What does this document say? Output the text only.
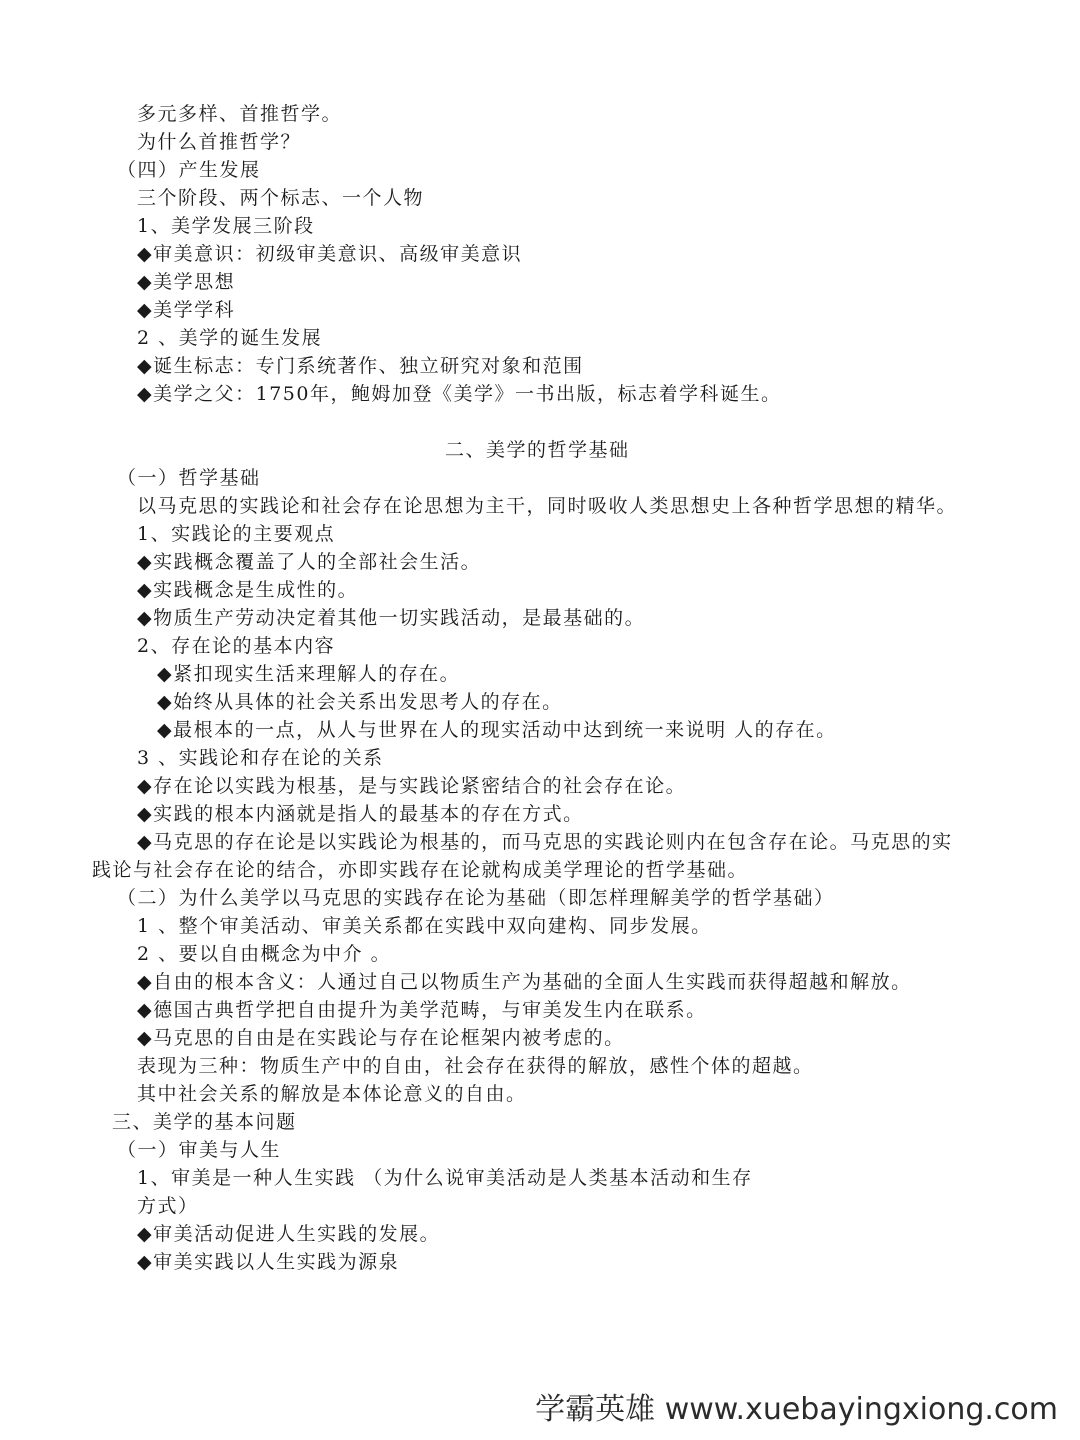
多元多样、首推哲学。
为什么首推哲学？
（四）产生发展
三个阶段、两个标志、一个人物
1、美学发展三阶段
◆审美意识：初级审美意识、高级审美意识
◆美学思想
◆美学学科
2 、美学的诞生发展
◆诞生标志：专门系统著作、独立研究对象和范围
◆美学之父：1750年，鲍姆加登《美学》一书出版，标志着学科诞生。
二、美学的哲学基础
（一）哲学基础
以马克思的实践论和社会存在论思想为主干，同时吸收人类思想史上各种哲学思想的精华。
1、实践论的主要观点
◆实践概念覆盖了人的全部社会生活。
◆实践概念是生成性的。
◆物质生产劳动决定着其他一切实践活动，是最基础的。
2、存在论的基本内容
◆紧扣现实生活来理解人的存在。
◆始终从具体的社会关系出发思考人的存在。
◆最根本的一点，从人与世界在人的现实活动中达到统一来说明 人的存在。
3 、实践论和存在论的关系
◆存在论以实践为根基，是与实践论紧密结合的社会存在论。
◆实践的根本内涵就是指人的最基本的存在方式。
◆马克思的存在论是以实践论为根基的，而马克思的实践论则内在包含存在论。马克思的实
践论与社会存在论的结合，亦即实践存在论就构成美学理论的哲学基础。
（二）为什么美学以马克思的实践存在论为基础（即怎样理解美学的哲学基础）
1 、整个审美活动、审美关系都在实践中双向建构、同步发展。
2 、要以自由概念为中介 。
◆自由的根本含义：人通过自己以物质生产为基础的全面人生实践而获得超越和解放。
◆德国古典哲学把自由提升为美学范畴，与审美发生内在联系。
◆马克思的自由是在实践论与存在论框架内被考虑的。
表现为三种：物质生产中的自由，社会存在获得的解放，感性个体的超越。
其中社会关系的解放是本体论意义的自由。
三、美学的基本问题
（一）审美与人生
1、审美是一种人生实践 （为什么说审美活动是人类基本活动和生存
方式）
◆审美活动促进人生实践的发展。
◆审美实践以人生实践为源泉
学霸英雄 www.xuebayingxiong.com
